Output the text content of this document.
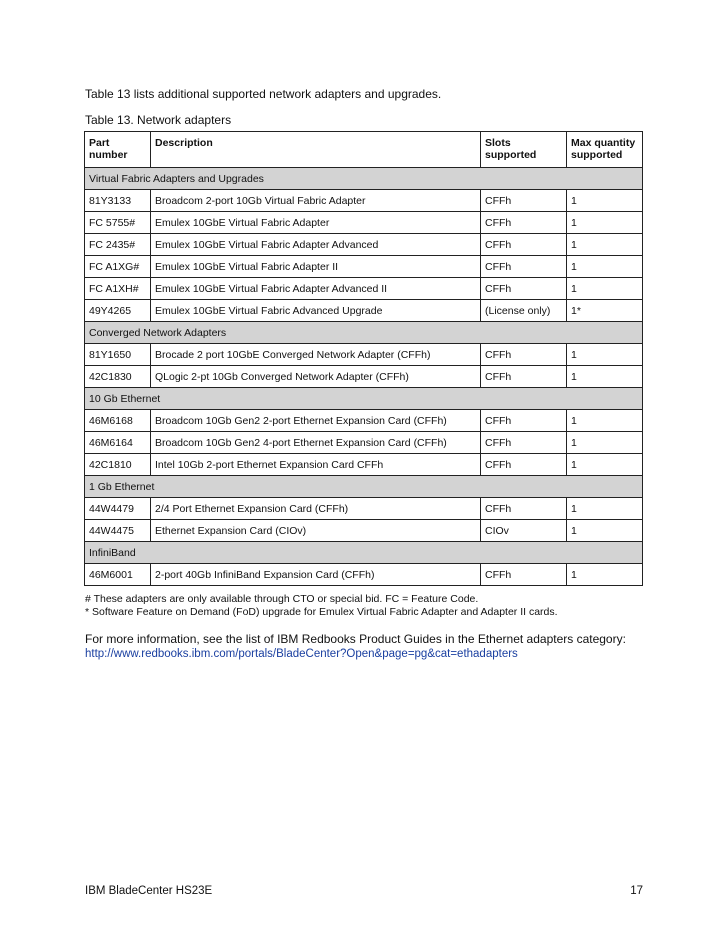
Table 13 lists additional supported network adapters and upgrades.
Table 13. Network adapters
Part number	Description	Slots supported	Max quantity supported
Virtual Fabric Adapters and Upgrades			
81Y3133	Broadcom 2-port 10Gb Virtual Fabric Adapter	CFFh	1
FC 5755#	Emulex 10GbE Virtual Fabric Adapter	CFFh	1
FC 2435#	Emulex 10GbE Virtual Fabric Adapter Advanced	CFFh	1
FC A1XG#	Emulex 10GbE Virtual Fabric Adapter II	CFFh	1
FC A1XH#	Emulex 10GbE Virtual Fabric Adapter Advanced II	CFFh	1
49Y4265	Emulex 10GbE Virtual Fabric Advanced Upgrade	(License only)	1*
Converged Network Adapters			
81Y1650	Brocade 2 port 10GbE Converged Network Adapter (CFFh)	CFFh	1
42C1830	QLogic 2-pt 10Gb Converged Network Adapter (CFFh)	CFFh	1
10 Gb Ethernet			
46M6168	Broadcom 10Gb Gen2 2-port Ethernet Expansion Card (CFFh)	CFFh	1
46M6164	Broadcom 10Gb Gen2 4-port Ethernet Expansion Card (CFFh)	CFFh	1
42C1810	Intel 10Gb 2-port Ethernet Expansion Card CFFh	CFFh	1
1 Gb Ethernet			
44W4479	2/4 Port Ethernet Expansion Card (CFFh)	CFFh	1
44W4475	Ethernet Expansion Card (CIOv)	CIOv	1
InfiniBand			
46M6001	2-port 40Gb InfiniBand Expansion Card (CFFh)	CFFh	1
# These adapters are only available through CTO or special bid. FC = Feature Code.
* Software Feature on Demand (FoD) upgrade for Emulex Virtual Fabric Adapter and Adapter II cards.
For more information, see the list of IBM Redbooks Product Guides in the Ethernet adapters category:
http://www.redbooks.ibm.com/portals/BladeCenter?Open&page=pg&cat=ethadapters
IBM BladeCenter HS23E	17
